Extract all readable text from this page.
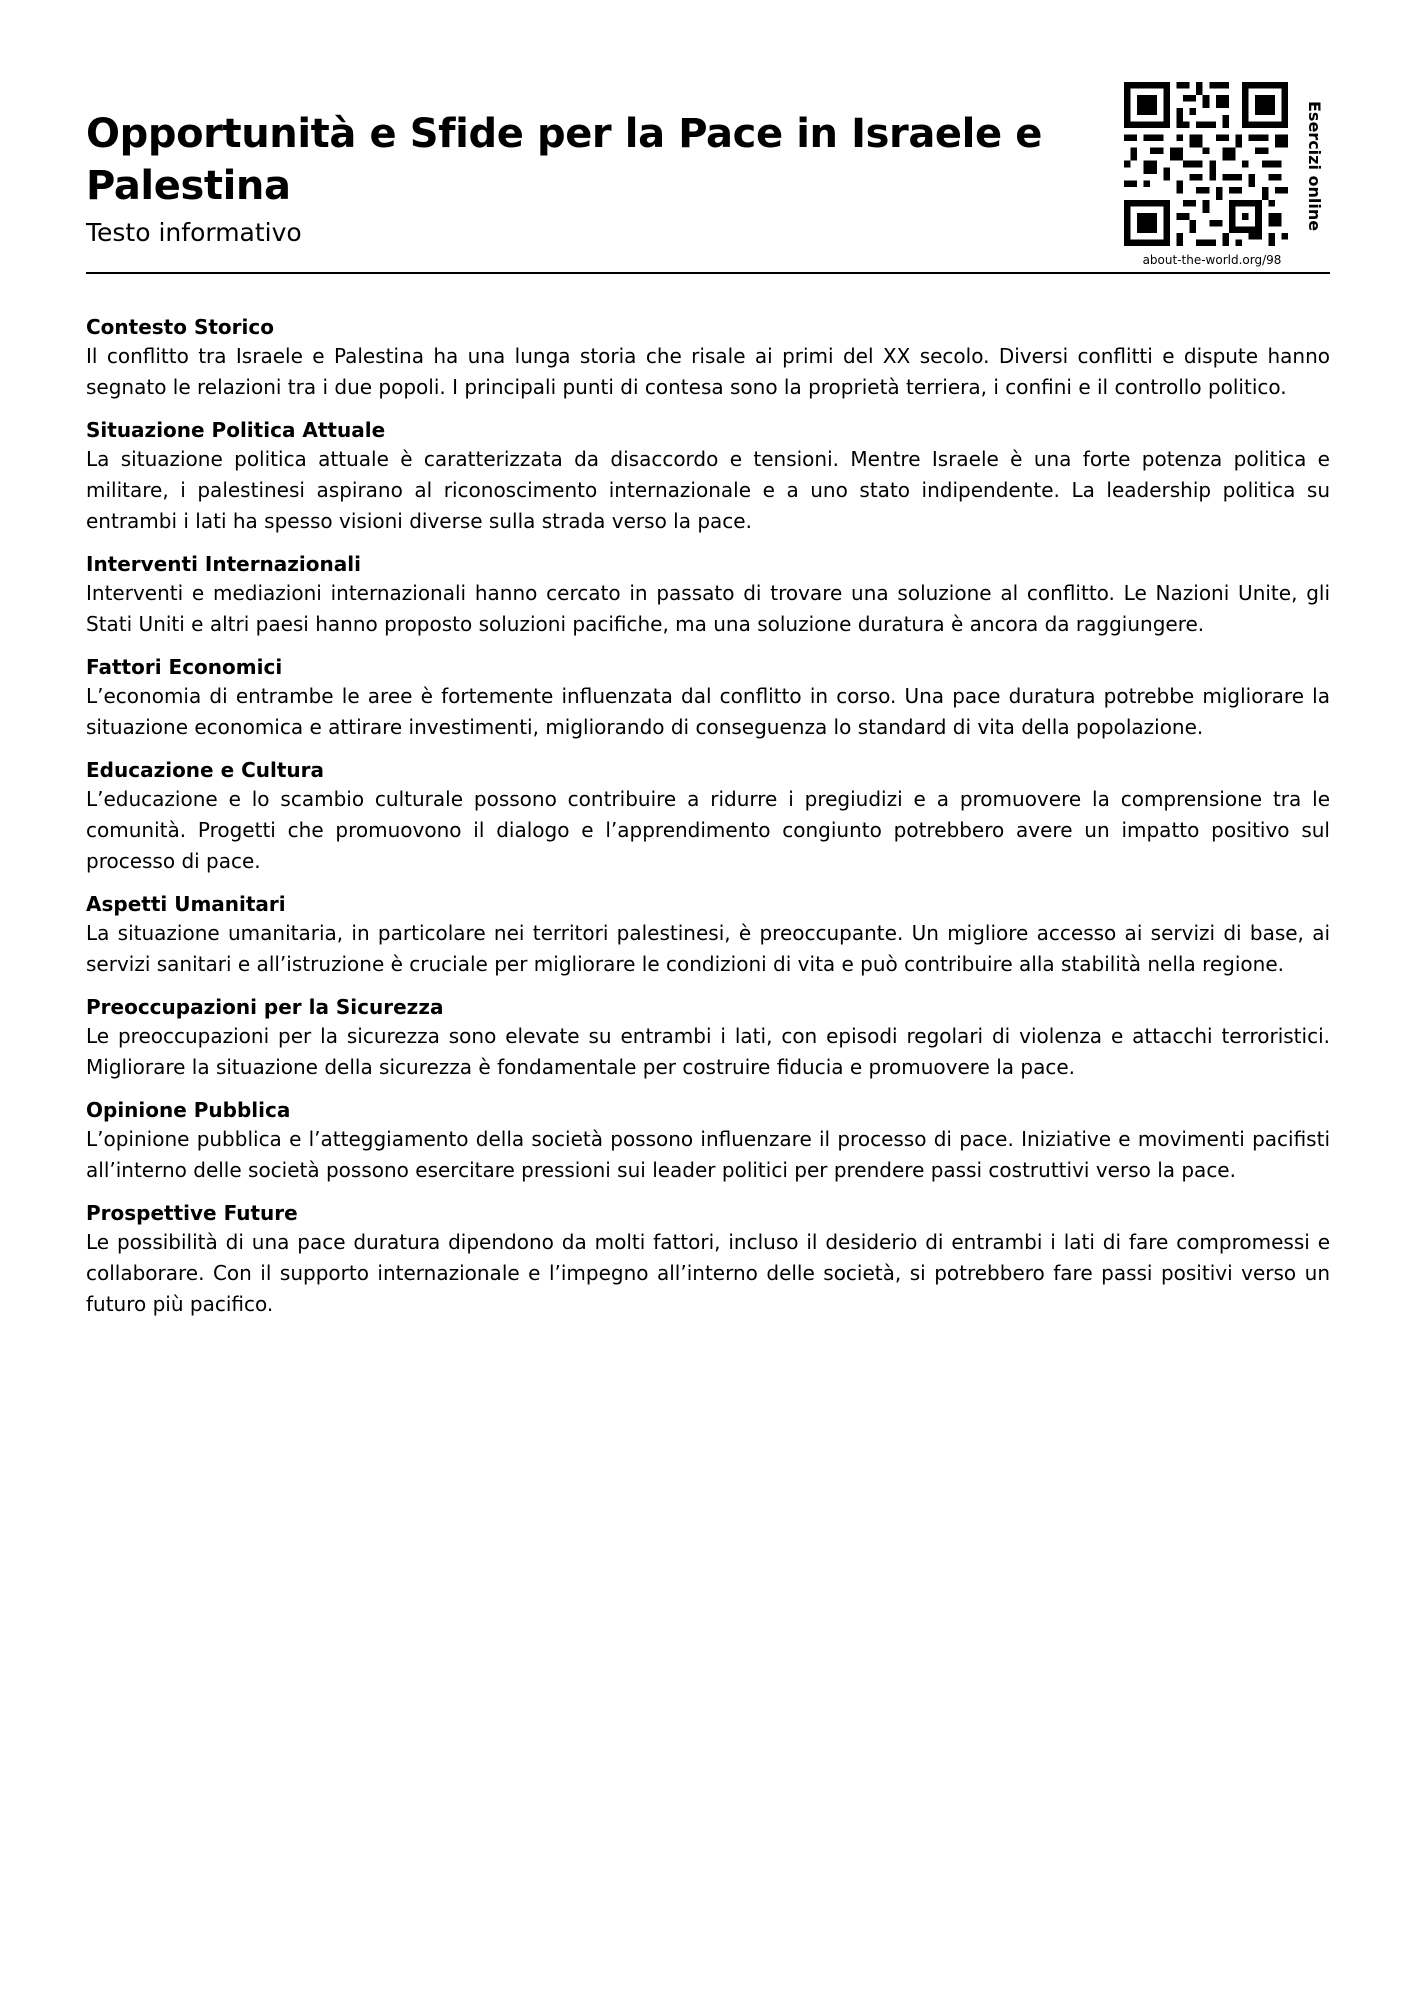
Opportunità e Sfide per la Pace in Israele e Palestina

Testo informativo

about-the-world.org/98
Esercizi online
Contesto Storico

Il conflitto tra Israele e Palestina ha una lunga storia che risale ai primi del XX secolo. Diversi conflitti e dispute hanno segnato le relazioni tra i due popoli. I principali punti di contesa sono la proprietà terriera, i confini e il controllo politico.

Situazione Politica Attuale

La situazione politica attuale è caratterizzata da disaccordo e tensioni. Mentre Israele è una forte potenza politica e militare, i palestinesi aspirano al riconoscimento internazionale e a uno stato indipendente. La leadership politica su entrambi i lati ha spesso visioni diverse sulla strada verso la pace.

Interventi Internazionali

Interventi e mediazioni internazionali hanno cercato in passato di trovare una soluzione al conflitto. Le Nazioni Unite, gli Stati Uniti e altri paesi hanno proposto soluzioni pacifiche, ma una soluzione duratura è ancora da raggiungere.

Fattori Economici

L’economia di entrambe le aree è fortemente influenzata dal conflitto in corso. Una pace duratura potrebbe migliorare la situazione economica e attirare investimenti, migliorando di conseguenza lo standard di vita della popolazione.

Educazione e Cultura

L’educazione e lo scambio culturale possono contribuire a ridurre i pregiudizi e a promuovere la comprensione tra le comunità. Progetti che promuovono il dialogo e l’apprendimento congiunto potrebbero avere un impatto positivo sul processo di pace.

Aspetti Umanitari

La situazione umanitaria, in particolare nei territori palestinesi, è preoccupante. Un migliore accesso ai servizi di base, ai servizi sanitari e all’istruzione è cruciale per migliorare le condizioni di vita e può contribuire alla stabilità nella regione.

Preoccupazioni per la Sicurezza

Le preoccupazioni per la sicurezza sono elevate su entrambi i lati, con episodi regolari di violenza e attacchi terroristici. Migliorare la situazione della sicurezza è fondamentale per costruire fiducia e promuovere la pace.

Opinione Pubblica

L’opinione pubblica e l’atteggiamento della società possono influenzare il processo di pace. Iniziative e movimenti pacifisti all’interno delle società possono esercitare pressioni sui leader politici per prendere passi costruttivi verso la pace.

Prospettive Future

Le possibilità di una pace duratura dipendono da molti fattori, incluso il desiderio di entrambi i lati di fare compromessi e collaborare. Con il supporto internazionale e l’impegno all’interno delle società, si potrebbero fare passi positivi verso un futuro più pacifico.
